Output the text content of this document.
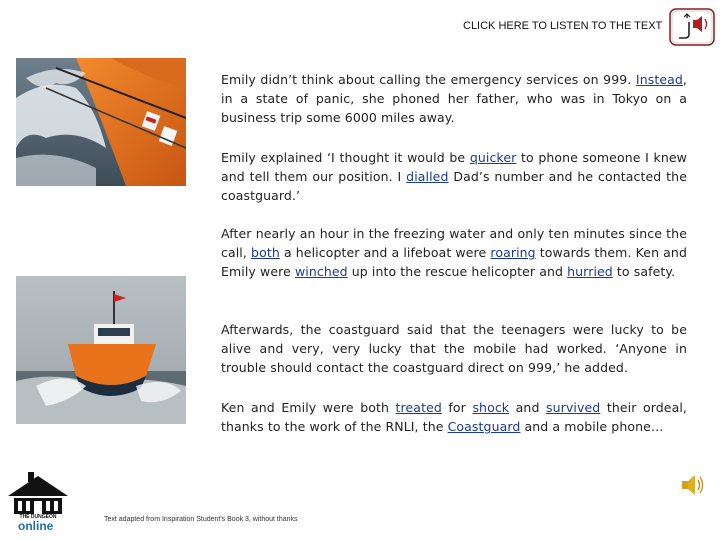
CLICK HERE TO LISTEN TO THE TEXT

Emily didn’t think about calling the emergency services on 999. Instead, in a state of panic, she phoned her father, who was in Tokyo on a business trip some 6000 miles away.

Emily explained ‘I thought it would be quicker to phone someone I knew and tell them our position. I dialled Dad’s number and he contacted the coastguard.’

After nearly an hour in the freezing water and only ten minutes since the call, both a helicopter and a lifeboat were roaring towards them. Ken and Emily were winched up into the rescue helicopter and hurried to safety.

Afterwards, the coastguard said that the teenagers were lucky to be alive and very, very lucky that the mobile had worked. ‘Anyone in trouble should contact the coastguard direct on 999,’ he added.

Ken and Emily were both treated for shock and survived their ordeal, thanks to the work of the RNLI, the Coastguard and a mobile phone…

THE DUNGEON
online	Text adapted from Inspiration Student's Book 3, without thanks
